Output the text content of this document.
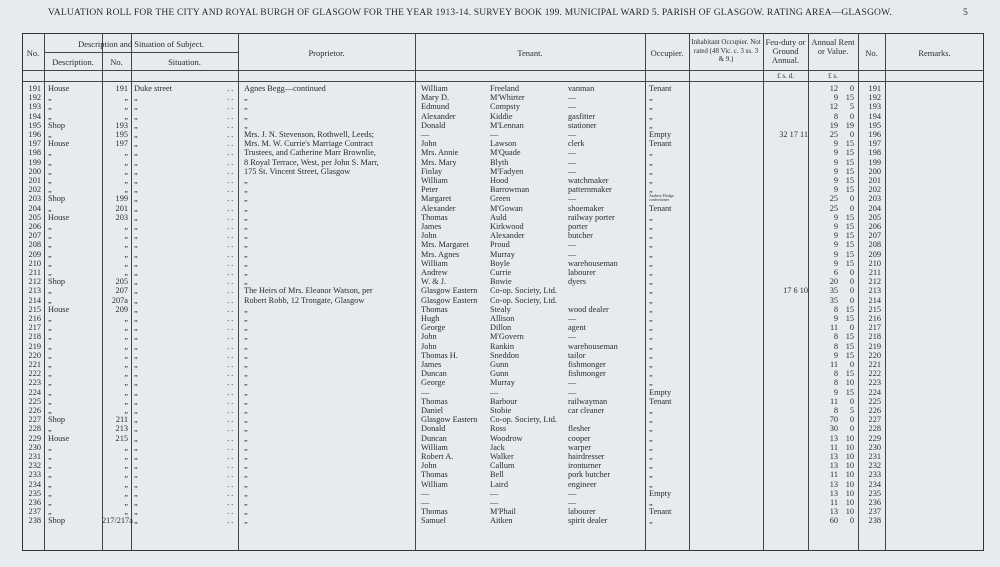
VALUATION ROLL FOR THE CITY AND ROYAL BURGH OF GLASGOW FOR THE YEAR 1913-14. SURVEY BOOK 199. MUNICIPAL WARD 5. PARISH OF GLASGOW. RATING AREA—GLASGOW.	5
No.
Description and Situation of Subject.
Description.	No.	Situation.
Proprietor.	Tenant.	Occupier.
Inhabitant Occupier. Not rated (48 Vic. c. 3 ss. 3 & 9.)
Feu-duty or Ground Annual.
£ s. d.
Annual Rent or Value.
£ s.
No.	Remarks.
191 House	191 Duke street	. . Agnes Begg—continued	William	Freeland	vanman	Tenant	12	0	191
192 „	„ „	. . „	Mary D.	M'Whirter	—	„	9 15	192
193 „	„ „	. . „	Edmund	Compsty	—	„	12	5	193
194 „	„ „	. . „	Alexander	Kiddie	gasfitter	„	8	0	194
195 Shop	193 „	. . „	Donald	M'Lennan	stationer	„	19 19	195
196 „	195 „	. . Mrs. J. N. Stevenson, Rothwell, Leeds;	—	—	—	Empty	32 17 11	25	0	196
197 House	197 „	. . Mrs. M. W. Currie's Marriage Contract	John	Lawson	clerk	Tenant	9 15	197
198 „	„ „	. . Trustees, and Catherine Marr Brownlie,	Mrs. Annie	M'Quade	—	„	9 15	198
199 „	„ „	. . 8 Royal Terrace, West, per John S. Marr,	Mrs. Mary	Blyth	—	„	9 15	199
200 „	„ „	. . 175 St. Vincent Street, Glasgow	Finlay	M'Fadyen	—	„	9 15	200
201 „	„ „	. . „	William	Hood	watchmaker	„	9 15	201
202 „	„ „	. . „	Peter	Barrowman	patternmaker	„	9 15	202
203 Shop	199 „	. . „	Margaret	Green	—	Andrew Hodge confectioner	25	0	203
204 „	201 „	. . „	Alexander	M'Gowan	shoemaker	Tenant	25	0	204
205 House	203 „	. . „	Thomas	Auld	railway porter	„	9 15	205
206 „	„ „	. . „	James	Kirkwood	porter	„	9 15	206
207 „	„ „	. . „	John	Alexander	butcher	„	9 15	207
208 „	„ „	. . „	Mrs. Margaret	Proud	—	„	9 15	208
209 „	„ „	. . „	Mrs. Agnes	Murray	—	„	9 15	209
210 „	„ „	. . „	William	Boyle	warehouseman	„	9 15	210
211 „	„ „	. . „	Andrew	Currie	labourer	„	6	0	211
212 Shop	205 „	. . „	W. & J.	Bowie	dyers	„	20	0	212
213 „	207 „	. . The Heirs of Mrs. Eleanor Watson, per	Glasgow Eastern Co-op. Society, Ltd.	„	17 6 10	35	0	213
214 „	207a „	. . Robert Robb, 12 Trongate, Glasgow	Glasgow Eastern Co-op. Society, Ltd.	„	35	0	214
215 House	209 „	. . „	Thomas	Stealy	wood dealer	„	8 15	215
216 „	„ „	. . „	Hugh	Allison	—	„	9 15	216
217 „	„ „	. . „	George	Dillon	agent	„	11	0	217
218 „	„ „	. . „	John	M'Govern	—	„	8 15	218
219 „	„ „	. . „	John	Rankin	warehouseman	„	8 15	219
220 „	„ „	. . „	Thomas H.	Sneddon	tailor	„	9 15	220
221 „	„ „	. . „	James	Gunn	fishmonger	„	11	0	221
222 „	„ „	. . „	Duncan	Gunn	fishmonger	„	8 15	222
223 „	„ „	. . „	George	Murray	—	„	8 10	223
224 „	„ „	. . „	—	—	—	Empty	9 15	224
225 „	„ „	. . „	Thomas	Barbour	railwayman	Tenant	11	0	225
226 „	„ „	. . „	Daniel	Stobie	car cleaner	„	8	5	226
227 Shop	211 „	. . „	Glasgow Eastern Co-op. Society, Ltd.	„	70	0	227
228 „	213 „	. . „	Donald	Ross	flesher	„	30	0	228
229 House	215 „	. . „	Duncan	Woodrow	cooper	„	13 10	229
230 „	„ „	. . „	William	Jack	warper	„	11 10	230
231 „	„ „	. . „	Robert A.	Walker	hairdresser	„	13 10	231
232 „	„ „	. . „	John	Callum	ironturner	„	13 10	232
233 „	„ „	. . „	Thomas	Bell	pork butcher	„	11 10	233
234 „	„ „	. . „	William	Laird	engineer	„	13 10	234
235 „	„ „	. . „	—	—	—	Empty	13 10	235
236 „	„ „	. . „	—	—	—	„	11 10	236
237 „	„ „	. . „	Thomas	M'Phail	labourer	Tenant	13 10	237
238 Shop	217/217a „	. . „	Samuel	Aitken	spirit dealer	„	60	0	238
